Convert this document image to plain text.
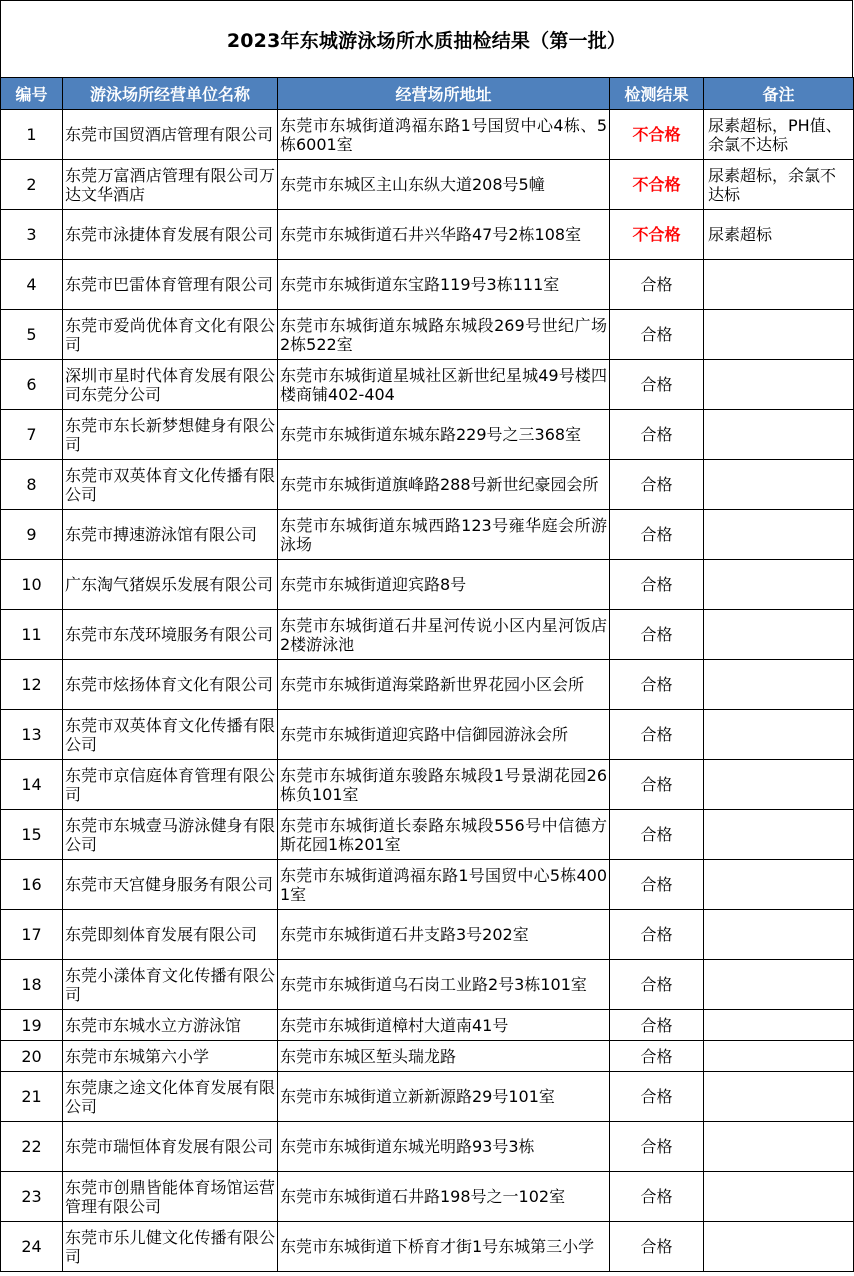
2023年东城游泳场所水质抽检结果（第一批）
编号	游泳场所经营单位名称	经营场所地址	检测结果	备注
1	东莞市国贸酒店管理有限公司	东莞市东城街道鸿福东路1号国贸中心4栋、5栋6001室	不合格	尿素超标，PH值、余氯不达标
2	东莞万富酒店管理有限公司万达文华酒店	东莞市东城区主山东纵大道208号5幢	不合格	尿素超标，余氯不达标
3	东莞市泳捷体育发展有限公司	东莞市东城街道石井兴华路47号2栋108室	不合格	尿素超标
4	东莞市巴雷体育管理有限公司	东莞市东城街道东宝路119号3栋111室	合格	
5	东莞市爱尚优体育文化有限公司	东莞市东城街道东城路东城段269号世纪广场2栋522室	合格	
6	深圳市星时代体育发展有限公司东莞分公司	东莞市东城街道星城社区新世纪星城49号楼四楼商铺402-404	合格	
7	东莞市东长新梦想健身有限公司	东莞市东城街道东城东路229号之三368室	合格	
8	东莞市双英体育文化传播有限公司	东莞市东城街道旗峰路288号新世纪豪园会所	合格	
9	东莞市搏速游泳馆有限公司	东莞市东城街道东城西路123号雍华庭会所游泳场	合格	
10	广东淘气猪娱乐发展有限公司	东莞市东城街道迎宾路8号	合格	
11	东莞市东茂环境服务有限公司	东莞市东城街道石井星河传说小区内星河饭店2楼游泳池	合格	
12	东莞市炫扬体育文化有限公司	东莞市东城街道海棠路新世界花园小区会所	合格	
13	东莞市双英体育文化传播有限公司	东莞市东城街道迎宾路中信御园游泳会所	合格	
14	东莞市京信庭体育管理有限公司	东莞市东城街道东骏路东城段1号景湖花园26栋负101室	合格	
15	东莞市东城壹马游泳健身有限公司	东莞市东城街道长泰路东城段556号中信德方斯花园1栋201室	合格	
16	东莞市天宫健身服务有限公司	东莞市东城街道鸿福东路1号国贸中心5栋4001室	合格	
17	东莞即刻体育发展有限公司	东莞市东城街道石井支路3号202室	合格	
18	东莞小漾体育文化传播有限公司	东莞市东城街道乌石岗工业路2号3栋101室	合格	
19	东莞市东城水立方游泳馆	东莞市东城街道樟村大道南41号	合格	
20	东莞市东城第六小学	东莞市东城区堑头瑞龙路	合格	
21	东莞康之途文化体育发展有限公司	东莞市东城街道立新新源路29号101室	合格	
22	东莞市瑞恒体育发展有限公司	东莞市东城街道东城光明路93号3栋	合格	
23	东莞市创鼎皆能体育场馆运营管理有限公司	东莞市东城街道石井路198号之一102室	合格	
24	东莞市乐儿健文化传播有限公司	东莞市东城街道下桥育才街1号东城第三小学	合格	
